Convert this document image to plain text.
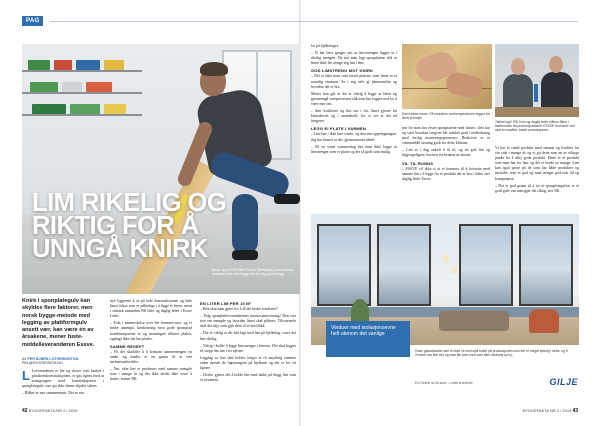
PAG
LIM RIKELIG OG RIKTIG FOR Å UNNGÅ KNIRK
Beste spyd! Pål Lilleli Pihlsen (Beltepipa) demonstrerer hvordan limet skal legges for et rolig gulvbelegg.
Knirk i sponplategulv kan skyldes flere faktorer, men norsk bygge-metode med legging av plattformgulv ansett vær, kan være én av årsakene, mener fuste-middelleverandøren Essve.
AV PER BJØRN LOTHERINGTON
PBL@BYGGEFAKTA.NO

L Leverandøren er lite og skruer som brukes i plattformkonstruksjonen, er gitt lignes med at tromgrupper med konstruksjonen i sponplategulv, mer gir ikke denne skjulte sikten.

– Blåbrt er nye sammenmøtt. Det er om

nye liggeeste å se på hele konstruksjonen og hele limet fokus som er pålitelige i å ligge et lirern, ment i sitteark unmørbar Pål lider og daglig leder i Essve Lider.

– Fokt i menneskelse over det femmen mot, og vi bedre annenpå, konforming hvor gode spomplad kombinasjonene er og motningen tilhører plaker, opplagt ikke om lim plader.

SAMME RESEPT

– På det skadåler å å konsam sammenengen en ander og mader er en grunn til at vær mekanismfordeler.

– Nei, ekte lim er produsert med samme mengde som i mange år og det ikke direkt ikke verre å bruke, mener Pål.

EN LITER LIM PER 10 M²

– Hva skal man gjøre for å få det bedre resultatet?

– Følg sponplatleverandørenes montasjeanvisning! Den sier noe om mengde og hvordan limet skal påføres. Tilsvarende skal det skje som gjør dem til et bra blikk.

– Det er viktig at det blir lagt med lim på bjelkelag, varer det lim rikelig.

– Viktig i kuller å legge limstrenger i fureren. Det skal legges til stopp lim inn i ett ujevne.

Legging av lim skal holdes lengst ut til nøyaktig vannete siden dørsek de fagstrengere på bjelkene og det er for ett hjørne.

– Derfor gjøres det å holde lim med tanke på ilegg, lim som er avvanent.

ler på bjelkelaget.

– Vi har flere ganger sett at lim-strengen legges ut i rikelig mengde. Da må man lagt sponplatene slik at limet ikke får trenge seg inn i den.

GOD LIMSTRENG MOT KNIRK

– Det er ikke man som forstå platene, men limet er et naturlig rammen. Se i seg selv gi påmurmelse og hvordan det er bra.

Mener han går at det er viktig å legge ut limet og gjennomgå vareprosessen slik som bør legges ned for å være mer tett.

– Sørt kvaliteter og lim om i for, limet gjerne fra klassikeren og i annenhold, for vi ser at det nå fungerer.

LEGG EI PLATE I VARMEN

– Lim bør i ikke fare varmt, og den ene oppetegningen. Jeg har funnet at det, gjennomsnitt ideelt.

– På en varm sommerdag bør man ikke legge ut limstrenger som er plane og det så godt som mulig.

Ernst trikse naser: Få minutters overtemperaturen legger inn limet til tredje.

sen for man har festet sponplatene med skruer, slett har og vært hvordan fuegene ble trukket godt i nedtrekning med ferdig monteringsprosesser. Beskriver er et vannmiddel løsning godt for dette klimaet.

– Lim er i dag enkelt å få til, og en god lim og tilgjengeligere, bortsett fra bruken av skruer.

VIL TIL RUNNS

– ESSVE vil ikke si at vi kommer til å fortsette med samme lim i å legge for et produkt det er bra i tiden, sier daglig leder Essve.

Takket opp! Pål Juhn og daglig leder Håkon Bjelo i fastbeholds fra produksjonsfører ESSVE Kunstner ved skal en kvalitet i klarte produksjonen.

Vi har et rundt produkt med samme og kvalitet fra vår side i mange år, og vi gir dette som en av viktige punkt for å tilby gode produkt. Dette er et produkt som man har for lim, og det er brukt av mange. Lim kan også passe på de som har både produkter og metoder, som er god og man trenger god nok tid og kompetanse.

– Det er god grunn til å tro at sponplategulvet er et godt gulv om man gjør det riktig, sier Pål.

Vinduer med isolasjonsevne helt utenom det vanlige
Gode glassfasader kan en ikke vil med spill holde på produksjonen som dét er meget tydelig i dette, og 5. Vinduer har like ved og man lite som med vare eller vinduets sy hy-.
Ein Rekkel av Ail-stuer – ustelt til øverste	GILJE
42 BYGGEFAKTA NR 2 / 2019	BYGGEFAKTA NR 2 / 2019 43
